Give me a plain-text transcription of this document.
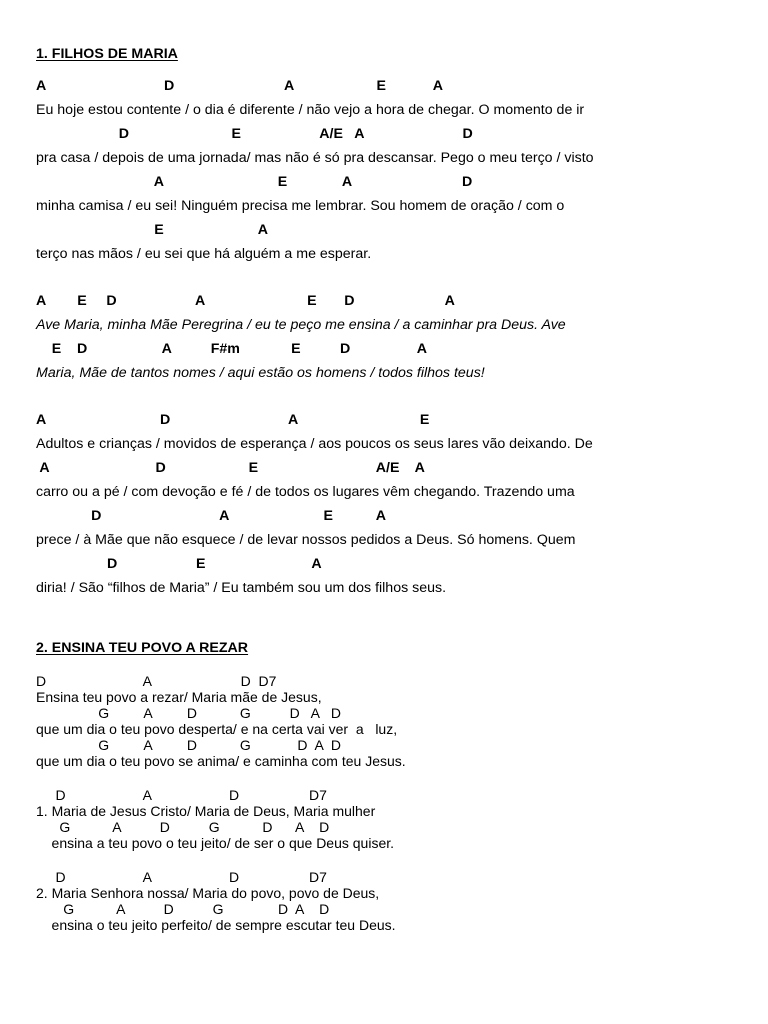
1. FILHOS DE MARIA
A                              D                            A                     E            A
Eu hoje estou contente / o dia é diferente / não vejo a hora de chegar. O momento de ir
D                          E                    A/E   A                         D
pra casa / depois de uma jornada/ mas não é só pra descansar. Pego o meu terço / visto
A                             E              A                            D
minha camisa / eu sei! Ninguém precisa me lembrar. Sou homem de oração / com o
E                        A
terço nas mãos / eu sei que há alguém a me esperar.
A        E     D                    A                          E       D                       A
Ave Maria, minha Mãe Peregrina / eu te peço me ensina / a caminhar pra Deus. Ave
E    D                   A          F#m             E          D                 A
Maria, Mãe de tantos nomes / aqui estão os homens / todos filhos teus!
A                             D                              A                               E
Adultos e crianças / movidos de esperança / aos poucos os seus lares vão deixando. De
A                           D                     E                              A/E    A
carro ou a pé / com devoção e fé / de todos os lugares vêm chegando. Trazendo uma
D                              A                        E           A
prece / à Mãe que não esquece / de levar nossos pedidos a Deus. Só homens. Quem
D                    E                           A
diria! / São “filhos de Maria” / Eu também sou um dos filhos seus.
2. ENSINA TEU POVO A REZAR
D                         A                       D  D7
Ensina teu povo a rezar/ Maria mãe de Jesus,
G         A         D           G          D   A   D
que um dia o teu povo desperta/ e na certa vai ver  a   luz,
G         A         D           G            D  A  D
que um dia o teu povo se anima/ e caminha com teu Jesus.
D                    A                    D                  D7
1. Maria de Jesus Cristo/ Maria de Deus, Maria mulher
G           A          D          G           D      A    D
ensina a teu povo o teu jeito/ de ser o que Deus quiser.
D                    A                    D                  D7
2. Maria Senhora nossa/ Maria do povo, povo de Deus,
G           A          D          G              D  A    D
ensina o teu jeito perfeito/ de sempre escutar teu Deus.
